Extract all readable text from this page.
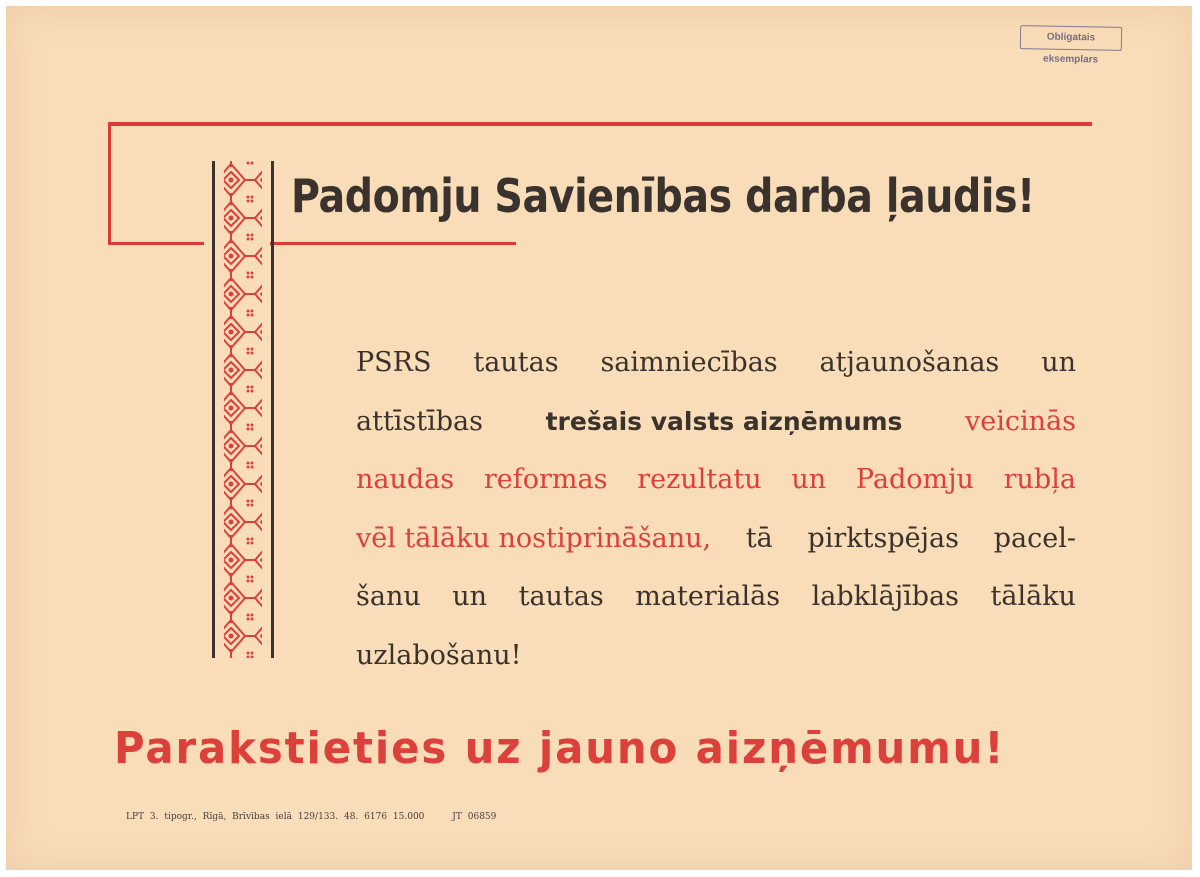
Obligatais eksemplars
Padomju Savienības darba ļaudis!
PSRS tautas saimniecības atjaunošanas un
attīstības	trešais valsts aizņēmums veicinās
naudas reformas rezultatu un Padomju rubļa
vēl tālāku nostiprināšanu, tā pirktspējas pacel-
šanu un tautas materialās labklājības tālāku
uzlabošanu!
Parakstieties uz jauno aizņēmumu!
LPT 3. tipogr., Rīgā, Brīvības ielā 129/133. 48. 6176 15.000	JT 06859
